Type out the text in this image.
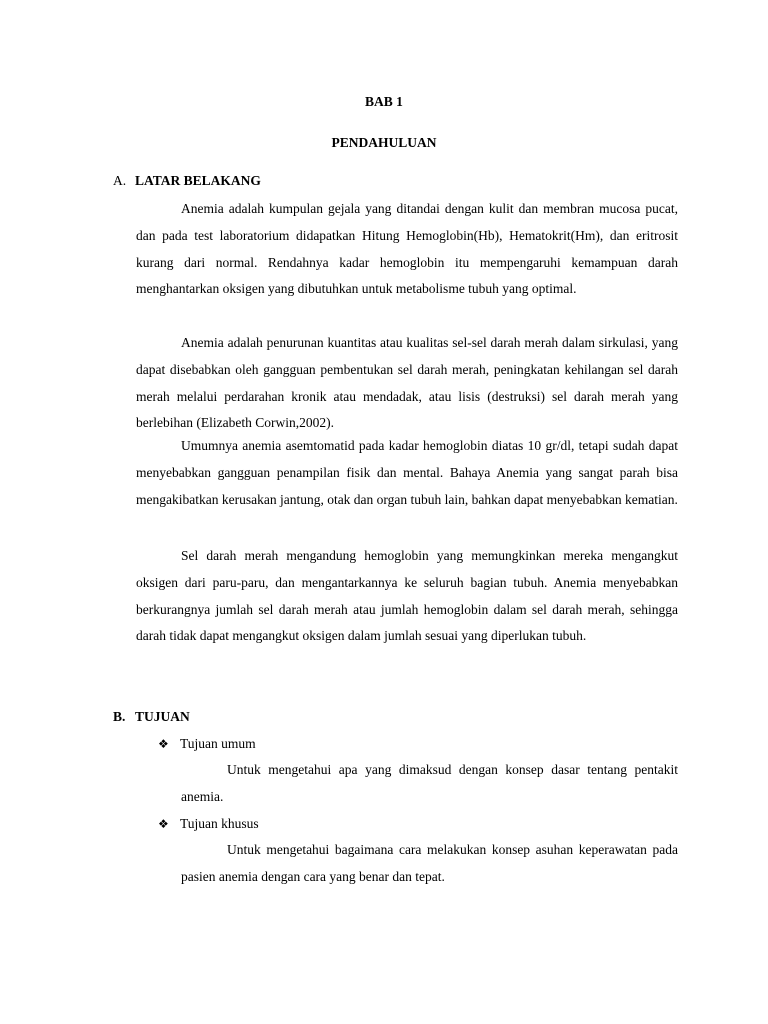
BAB 1
PENDAHULUAN
A. LATAR BELAKANG

Anemia adalah kumpulan gejala yang ditandai dengan kulit dan membran mucosa pucat, dan pada test laboratorium didapatkan Hitung Hemoglobin(Hb), Hematokrit(Hm), dan eritrosit kurang dari normal. Rendahnya kadar hemoglobin itu mempengaruhi kemampuan darah menghantarkan oksigen yang dibutuhkan untuk metabolisme tubuh yang optimal.

Anemia adalah penurunan kuantitas atau kualitas sel-sel darah merah dalam sirkulasi, yang dapat disebabkan oleh gangguan pembentukan sel darah merah, peningkatan kehilangan sel darah merah melalui perdarahan kronik atau mendadak, atau lisis (destruksi) sel darah merah yang berlebihan (Elizabeth Corwin,2002).

Umumnya anemia asemtomatid pada kadar hemoglobin diatas 10 gr/dl, tetapi sudah dapat menyebabkan gangguan penampilan fisik dan mental. Bahaya Anemia yang sangat parah bisa mengakibatkan kerusakan jantung, otak dan organ tubuh lain, bahkan dapat menyebabkan kematian.

Sel darah merah mengandung hemoglobin yang memungkinkan mereka mengangkut oksigen dari paru-paru, dan mengantarkannya ke seluruh bagian tubuh. Anemia menyebabkan berkurangnya jumlah sel darah merah atau jumlah hemoglobin dalam sel darah merah, sehingga darah tidak dapat mengangkut oksigen dalam jumlah sesuai yang diperlukan tubuh.

B. TUJUAN
❖ Tujuan umum

Untuk mengetahui apa yang dimaksud dengan konsep dasar tentang pentakit anemia.

❖ Tujuan khusus

Untuk mengetahui bagaimana cara melakukan konsep asuhan keperawatan pada pasien anemia dengan cara yang benar dan tepat.
